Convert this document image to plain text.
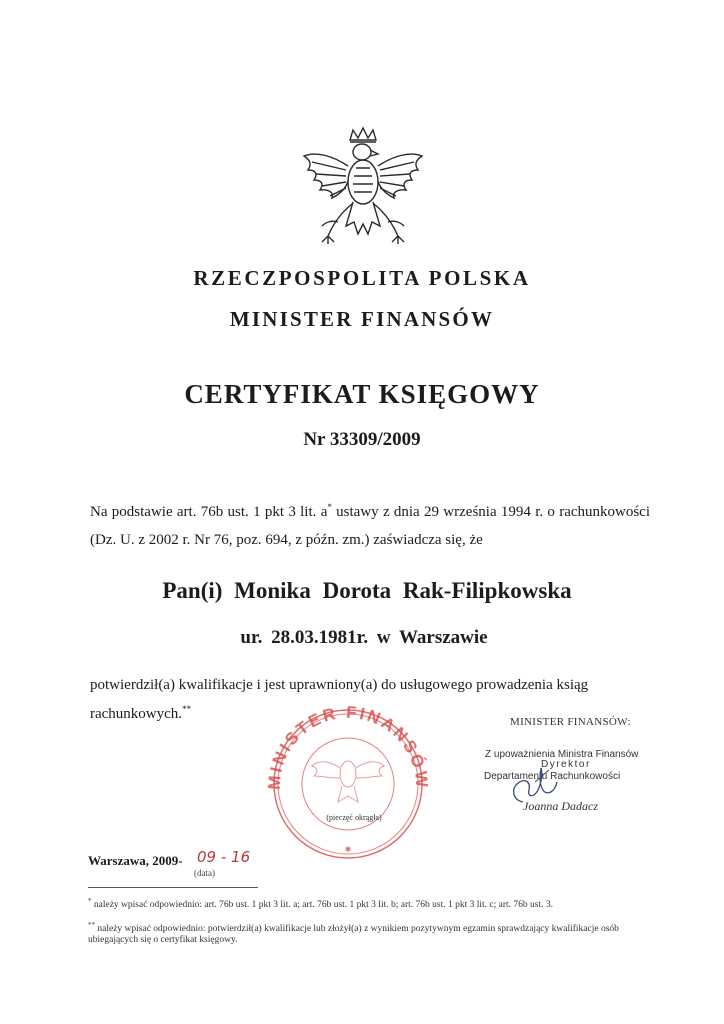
RZECZPOSPOLITA POLSKA
MINISTER FINANSÓW
CERTYFIKAT KSIĘGOWY
Nr 33309/2009
Na podstawie art. 76b ust. 1 pkt 3 lit. a* ustawy z dnia 29 września 1994 r. o rachunkowości (Dz. U. z 2002 r. Nr 76, poz. 694, z późn. zm.) zaświadcza się, że
Pan(i) Monika Dorota Rak-Filipkowska
ur. 28.03.1981r. w Warszawie
potwierdził(a) kwalifikacje i jest uprawniony(a) do usługowego prowadzenia ksiąg rachunkowych.**
MINISTER FINANSÓW
(pieczęć okrągła)
✱
MINISTER FINANSÓW:
Z upoważnienia Ministra Finansów
Dyrektor
Departamentu Rachunkowości
Joanna Dadacz
Warszawa, 2009- 09 - 16
(data)
* należy wpisać odpowiednio: art. 76b ust. 1 pkt 3 lit. a; art. 76b ust. 1 pkt 3 lit. b; art. 76b ust. 1 pkt 3 lit. c; art. 76b ust. 3.
** należy wpisać odpowiednio: potwierdził(a) kwalifikacje lub złożył(a) z wynikiem pozytywnym egzamin sprawdzający kwalifikacje osób ubiegających się o certyfikat księgowy.
